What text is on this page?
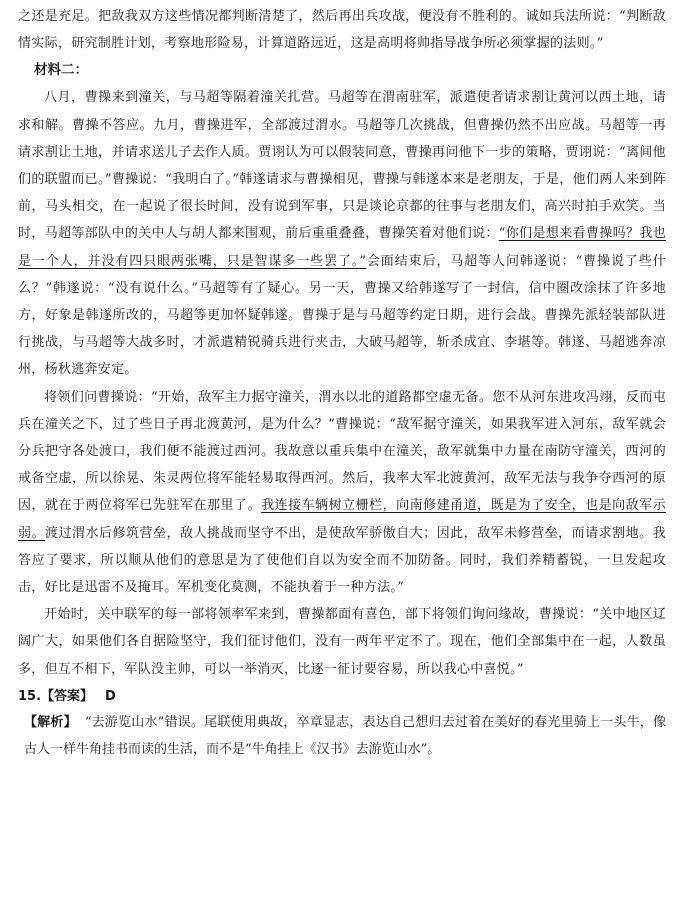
之还是充足。把敌我双方这些情况都判断清楚了，然后再出兵攻战，便没有不胜利的。诚如兵法所说：“判断敌情实际，研究制胜计划，考察地形险易，计算道路远近，这是高明将帅指导战争所必须掌握的法则。”

材料二：

八月，曹操来到潼关，与马超等隔着潼关扎营。马超等在渭南驻军，派遣使者请求割让黄河以西土地，请求和解。曹操不答应。九月，曹操进军，全部渡过渭水。马超等几次挑战，但曹操仍然不出应战。马超等一再请求割让土地，并请求送儿子去作人质。贾诩认为可以假装同意，曹操再问他下一步的策略，贾诩说：“离间他们的联盟而已。”曹操说：“我明白了。”韩遂请求与曹操相见，曹操与韩遂本来是老朋友，于是，他们两人来到阵前，马头相交，在一起说了很长时间，没有说到军事，只是谈论京都的往事与老朋友们，高兴时拍手欢笑。当时，马超等部队中的关中人与胡人都来围观，前后重重叠叠，曹操笑着对他们说：“你们是想来看曹操吗？我也是一个人，并没有四只眼两张嘴，只是智谋多一些罢了。”会面结束后，马超等人问韩遂说：“曹操说了些什么？”韩遂说：“没有说什么。”马超等有了疑心。另一天，曹操又给韩遂写了一封信，信中圈改涂抹了许多地方，好象是韩遂所改的，马超等更加怀疑韩遂。曹操于是与马超等约定日期，进行会战。曹操先派轻装部队进行挑战，与马超等大战多时，才派遣精锐骑兵进行夹击，大破马超等，斩杀成宜、李堪等。韩遂、马超逃奔凉州，杨秋逃奔安定。

将领们问曹操说：“开始，敌军主力据守潼关，渭水以北的道路都空虚无备。您不从河东进攻冯翊，反而屯兵在潼关之下，过了些日子再北渡黄河，是为什么？”曹操说：“敌军据守潼关，如果我军进入河东，敌军就会分兵把守各处渡口，我们便不能渡过西河。我故意以重兵集中在潼关，敌军就集中力量在南防守潼关，西河的戒备空虚，所以徐晃、朱灵两位将军能轻易取得西河。然后，我率大军北渡黄河，敌军无法与我争夺西河的原因，就在于两位将军已先驻军在那里了。我连接车辆树立栅栏，向南修建甬道，既是为了安全，也是向敌军示弱。渡过渭水后修筑营垒，敌人挑战而坚守不出，是使敌军骄傲自大；因此，敌军未修营垒，而请求割地。我答应了要求，所以顺从他们的意思是为了使他们自以为安全而不加防备。同时，我们养精蓄锐，一旦发起攻击，好比是迅雷不及掩耳。军机变化莫测，不能执着于一种方法。”

开始时，关中联军的每一部将领率军来到，曹操都面有喜色，部下将领们询问缘故，曹操说：“关中地区辽阔广大，如果他们各自据险坚守，我们征讨他们，没有一两年平定不了。现在，他们全部集中在一起，人数虽多，但互不相下，军队没主帅，可以一举消灭，比逐一征讨要容易，所以我心中喜悦。”

15.【答案】 D

【解析】 “去游览山水”错误。尾联使用典故，卒章显志，表达自己想归去过着在美好的春光里骑上一头牛，像古人一样牛角挂书而读的生活，而不是“牛角挂上《汉书》去游览山水”。
